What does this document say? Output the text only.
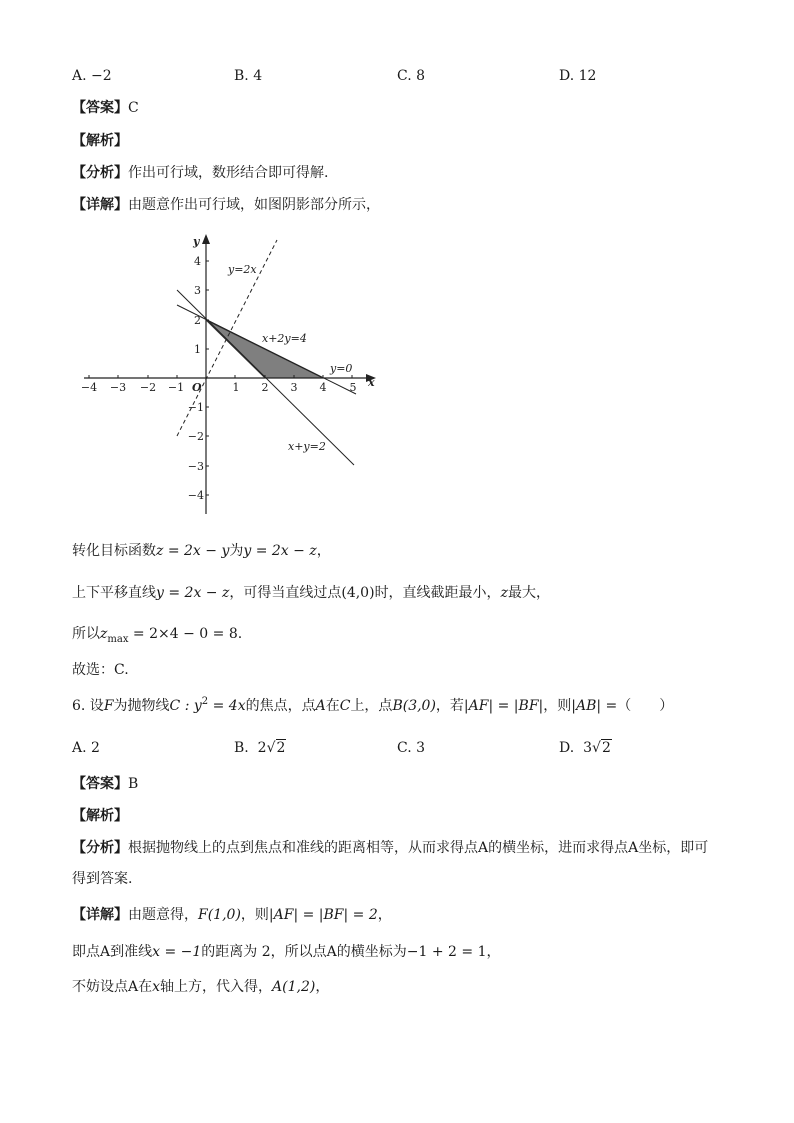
A. −2	B. 4	C. 8	D. 12
【答案】C
【解析】
【分析】作出可行域，数形结合即可得解.
【详解】由题意作出可行域，如图阴影部分所示，
−4 −3 −2 −1	1 2 3 4 5
4
3
2
1
−1
−2
−3
−4
x
y
O
y=2x
x+2y=4
y=0
x+y=2
转化目标函数z = 2x − y为y = 2x − z，
上下平移直线y = 2x − z，可得当直线过点(4,0)时，直线截距最小，z最大，
所以$z_{max} = 2\times 4 - 0 = 8$.
故选：C.
6. 设F为抛物线C : $y^2 = 4x$的焦点，点A在C上，点B(3,0)，若|AF| = |BF|，则|AB| =（　　）
A. 2	B. 2√2	C. 3	D. 3√2
【答案】B
【解析】
【分析】根据抛物线上的点到焦点和准线的距离相等，从而求得点A的横坐标，进而求得点A坐标，即可
得到答案.
【详解】由题意得，F(1,0)，则|AF| = |BF| = 2，
即点A到准线x = −1的距离为 2，所以点A的横坐标为−1 + 2 = 1，
不妨设点A在x轴上方，代入得，A(1,2)，
